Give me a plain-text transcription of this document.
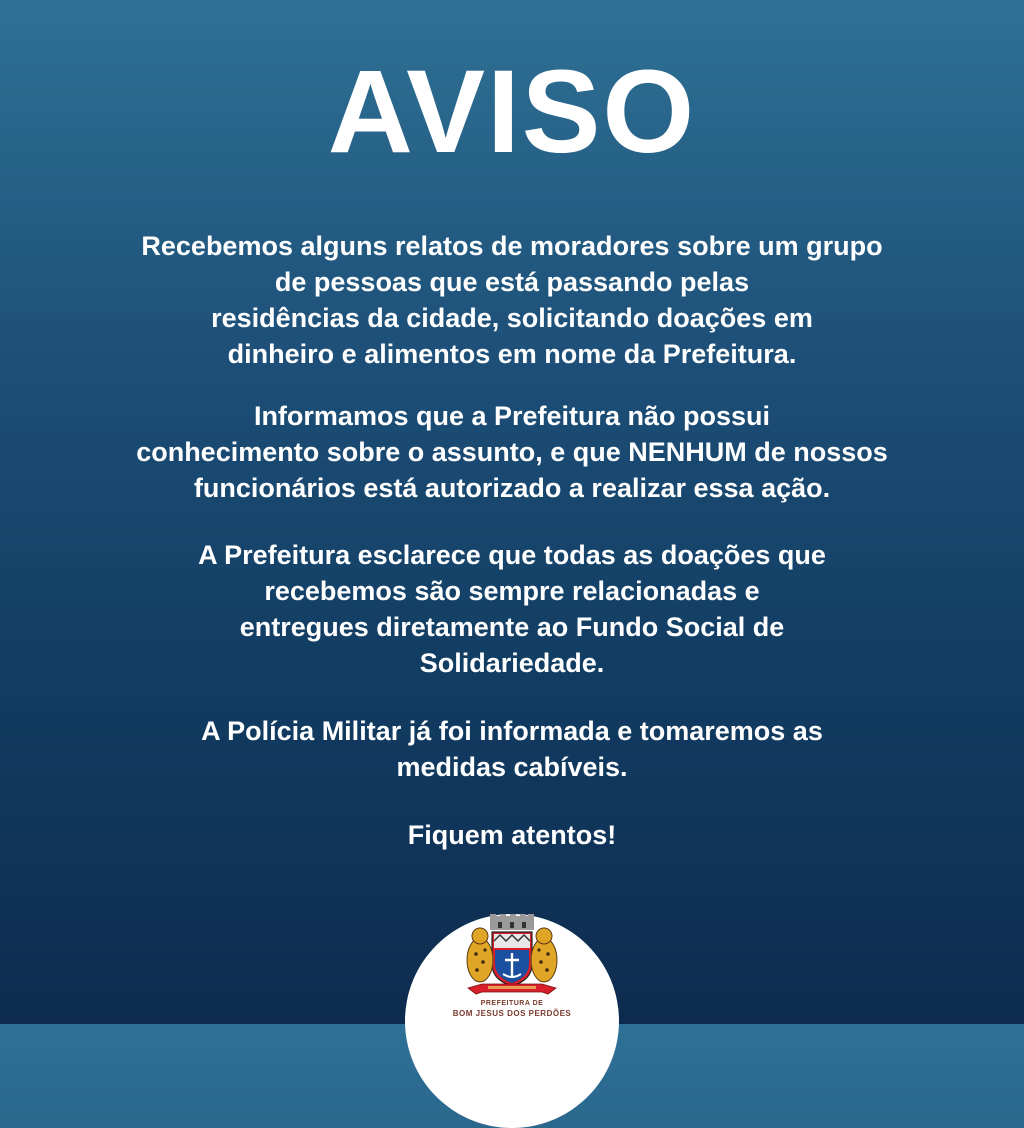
AVISO
Recebemos alguns relatos de moradores sobre um grupo
de pessoas que está passando pelas
residências da cidade, solicitando doações em
dinheiro e alimentos em nome da Prefeitura.
Informamos que a Prefeitura não possui
conhecimento sobre o assunto, e que NENHUM de nossos
funcionários está autorizado a realizar essa ação.
A Prefeitura esclarece que todas as doações que
recebemos são sempre relacionadas e
entregues diretamente ao Fundo Social de
Solidariedade.
A Polícia Militar já foi informada e tomaremos as
medidas cabíveis.
Fiquem atentos!
PREFEITURA DE
BOM JESUS DOS PERDÕES
